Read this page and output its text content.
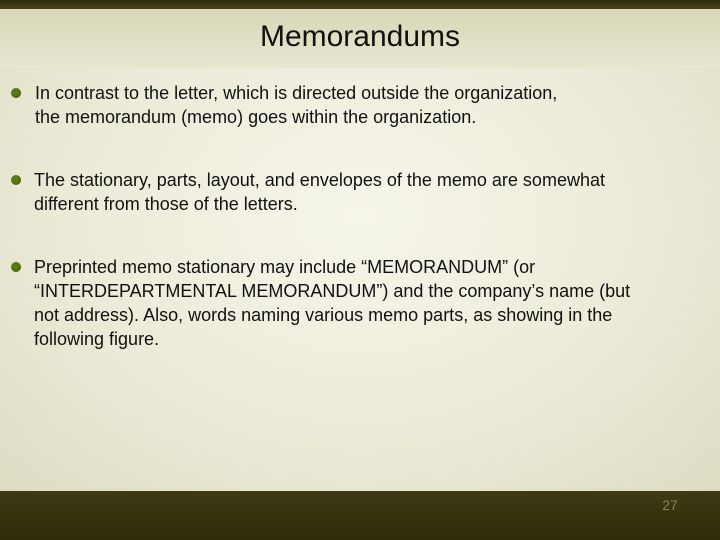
Memorandums
In contrast to the letter, which is directed outside the organization,
the memorandum (memo) goes within the organization.
The stationary, parts, layout, and envelopes of the memo are somewhat
different from those of the letters.
Preprinted memo stationary may include “MEMORANDUM” (or
“INTERDEPARTMENTAL MEMORANDUM”) and the company’s name (but
not address). Also, words naming various memo parts, as showing in the
following figure.
27
